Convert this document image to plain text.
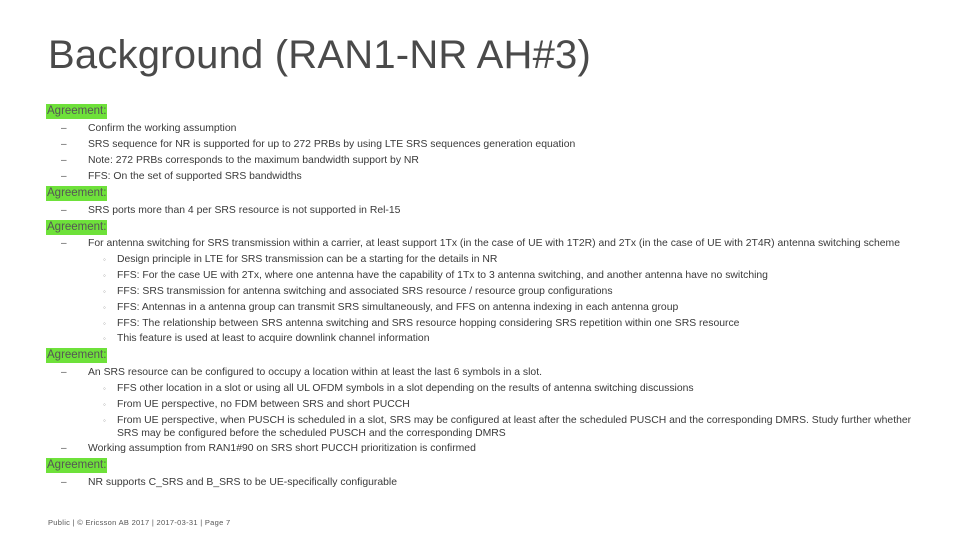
Background (RAN1-NR AH#3)
Agreement:
– Confirm the working assumption
– SRS sequence for NR is supported for up to 272 PRBs by using LTE SRS sequences generation equation
– Note: 272 PRBs corresponds to the maximum bandwidth support by NR
– FFS: On the set of supported SRS bandwidths
Agreement:
– SRS ports more than 4 per SRS resource is not supported in Rel-15
Agreement:
– For antenna switching for SRS transmission within a carrier, at least support 1Tx (in the case of UE with 1T2R) and 2Tx (in the case of UE with 2T4R) antenna switching scheme
◦ Design principle in LTE for SRS transmission can be a starting for the details in NR
◦ FFS: For the case UE with 2Tx, where one antenna have the capability of 1Tx to 3 antenna switching, and another antenna have no switching
◦ FFS: SRS transmission for antenna switching and associated SRS resource / resource group configurations
◦ FFS: Antennas in a antenna group can transmit SRS simultaneously, and FFS on antenna indexing in each antenna group
◦ FFS: The relationship between SRS antenna switching and SRS resource hopping considering SRS repetition within one SRS resource
◦ This feature is used at least to acquire downlink channel information
Agreement:
– An SRS resource can be configured to occupy a location within at least the last 6 symbols in a slot.
◦ FFS other location in a slot or using all UL OFDM symbols in a slot depending on the results of antenna switching discussions
◦ From UE perspective, no FDM between SRS and short PUCCH
◦ From UE perspective, when PUSCH is scheduled in a slot, SRS may be configured at least after the scheduled PUSCH and the corresponding DMRS. Study further whether SRS may be configured before the scheduled PUSCH and the corresponding DMRS
– Working assumption from RAN1#90 on SRS short PUCCH prioritization is confirmed
Agreement:
– NR supports C_SRS and B_SRS to be UE-specifically configurable
Public | © Ericsson AB 2017 | 2017-03-31 | Page 7
